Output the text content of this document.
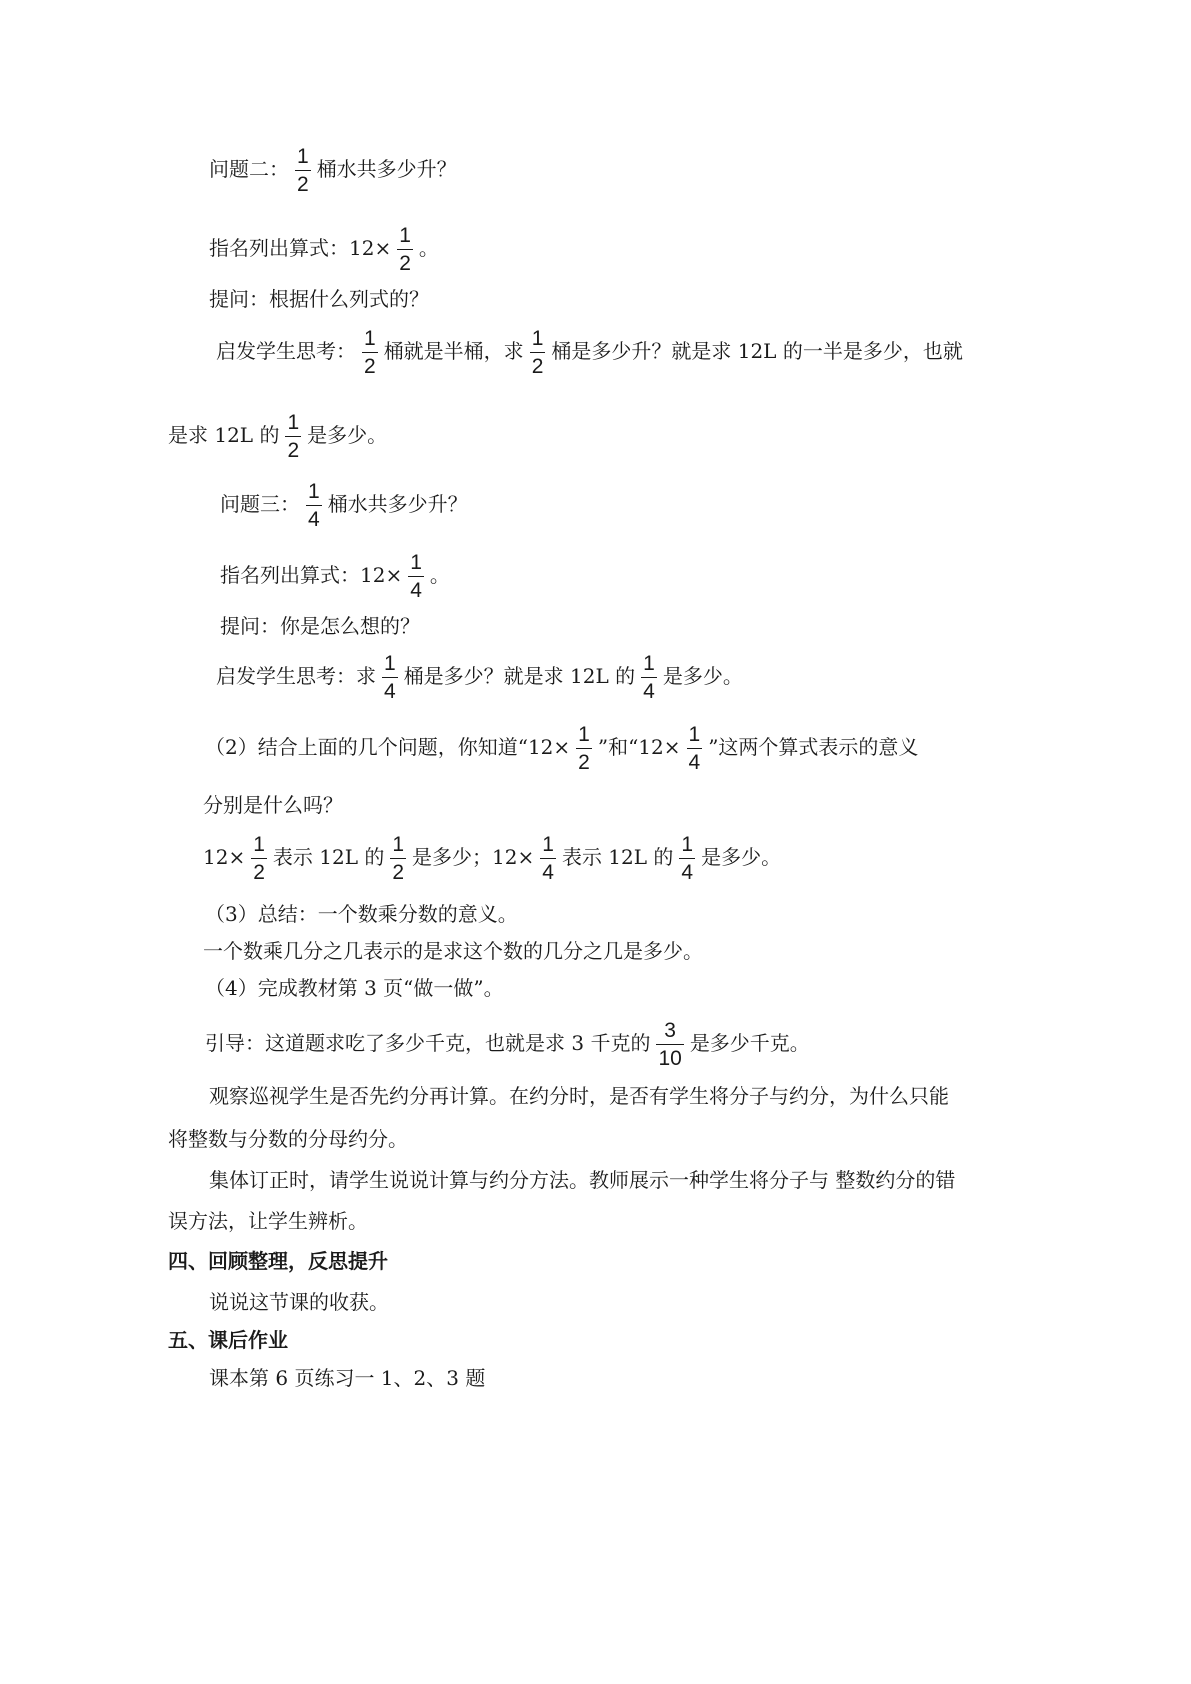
问题二： $\frac{1}{2}$ 桶水共多少升？
指名列出算式：$12\times \frac{1}{2}$ 。
提问：根据什么列式的？
启发学生思考： $\frac{1}{2}$ 桶就是半桶，求 $\frac{1}{2}$ 桶是多少升？就是求 12L 的一半是多少，也就
是求 12L 的 $\frac{1}{2}$ 是多少。
问题三： $\frac{1}{4}$ 桶水共多少升？
指名列出算式：$12\times \frac{1}{4}$ 。
提问：你是怎么想的？
启发学生思考：求 $\frac{1}{4}$ 桶是多少？就是求 12L 的 $\frac{1}{4}$ 是多少。
（2）结合上面的几个问题，你知道“$12\times \frac{1}{2}$ ”和“$12\times \frac{1}{4}$ ”这两个算式表示的意义
分别是什么吗？
$12\times \frac{1}{2}$ 表示 12L 的 $\frac{1}{2}$ 是多少；$12\times \frac{1}{4}$ 表示 12L 的 $\frac{1}{4}$ 是多少。
（3）总结：一个数乘分数的意义。
一个数乘几分之几表示的是求这个数的几分之几是多少。
（4）完成教材第 3 页“做一做”。
引导：这道题求吃了多少千克，也就是求 3 千克的 $\frac{3}{10}$ 是多少千克。
观察巡视学生是否先约分再计算。在约分时，是否有学生将分子与约分，为什么只能
将整数与分数的分母约分。
集体订正时，请学生说说计算与约分方法。教师展示一种学生将分子与 整数约分的错
误方法，让学生辨析。
四、回顾整理，反思提升
说说这节课的收获。
五、课后作业
课本第 6 页练习一 1、2、3 题
